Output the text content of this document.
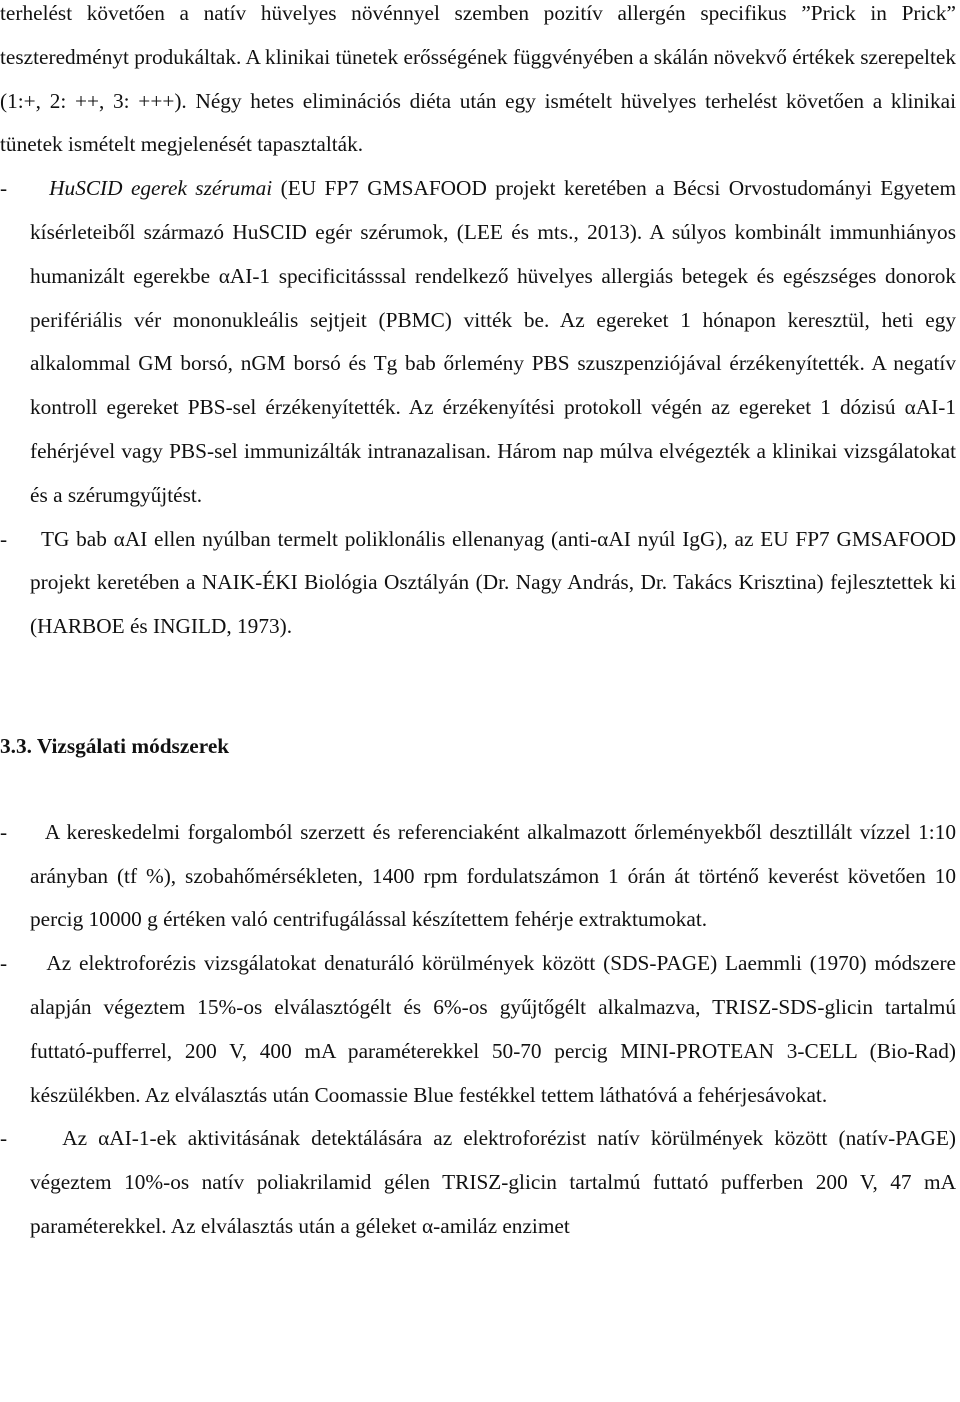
terhelést követően a natív hüvelyes növénnyel szemben pozitív allergén specifikus ”Prick in Prick” teszteredményt produkáltak. A klinikai tünetek erősségének függvényében a skálán növekvő értékek szerepeltek (1:+, 2: ++, 3: +++). Négy hetes eliminációs diéta után egy ismételt hüvelyes terhelést követően a klinikai tünetek ismételt megjelenését tapasztalták.

- HuSCID egerek szérumai (EU FP7 GMSAFOOD projekt keretében a Bécsi Orvostudományi Egyetem kísérleteiből származó HuSCID egér szérumok, (LEE és mts., 2013). A súlyos kombinált immunhiányos humanizált egerekbe αAI-1 specificitásssal rendelkező hüvelyes allergiás betegek és egészséges donorok perifériális vér mononukleális sejtjeit (PBMC) vitték be. Az egereket 1 hónapon keresztül, heti egy alkalommal GM borsó, nGM borsó és Tg bab őrlemény PBS szuszpenziójával érzékenyítették. A negatív kontroll egereket PBS-sel érzékenyítették. Az érzékenyítési protokoll végén az egereket 1 dózisú αAI-1 fehérjével vagy PBS-sel immunizálták intranazalisan. Három nap múlva elvégezték a klinikai vizsgálatokat és a szérumgyűjtést.

- TG bab αAI ellen nyúlban termelt poliklonális ellenanyag (anti-αAI nyúl IgG), az EU FP7 GMSAFOOD projekt keretében a NAIK-ÉKI Biológia Osztályán (Dr. Nagy András, Dr. Takács Krisztina) fejlesztettek ki (HARBOE és INGILD, 1973).

3.3. Vizsgálati módszerek

- A kereskedelmi forgalomból szerzett és referenciaként alkalmazott őrleményekből desztillált vízzel 1:10 arányban (tf %), szobahőmérsékleten, 1400 rpm fordulatszámon 1 órán át történő keverést követően 10 percig 10000 g értéken való centrifugálással készítettem fehérje extraktumokat.

- Az elektroforézis vizsgálatokat denaturáló körülmények között (SDS-PAGE) Laemmli (1970) módszere alapján végeztem 15%-os elválasztógélt és 6%-os gyűjtőgélt alkalmazva, TRISZ-SDS-glicin tartalmú futtató-pufferrel, 200 V, 400 mA paraméterekkel 50-70 percig MINI-PROTEAN 3-CELL (Bio-Rad) készülékben. Az elválasztás után Coomassie Blue festékkel tettem láthatóvá a fehérjesávokat.

-	Az αAI-1-ek aktivitásának detektálására az elektroforézist natív körülmények között (natív-PAGE) végeztem 10%-os natív poliakrilamid gélen TRISZ-glicin tartalmú futtató pufferben 200 V, 47 mA paraméterekkel. Az elválasztás után a géleket α-amiláz enzimet
